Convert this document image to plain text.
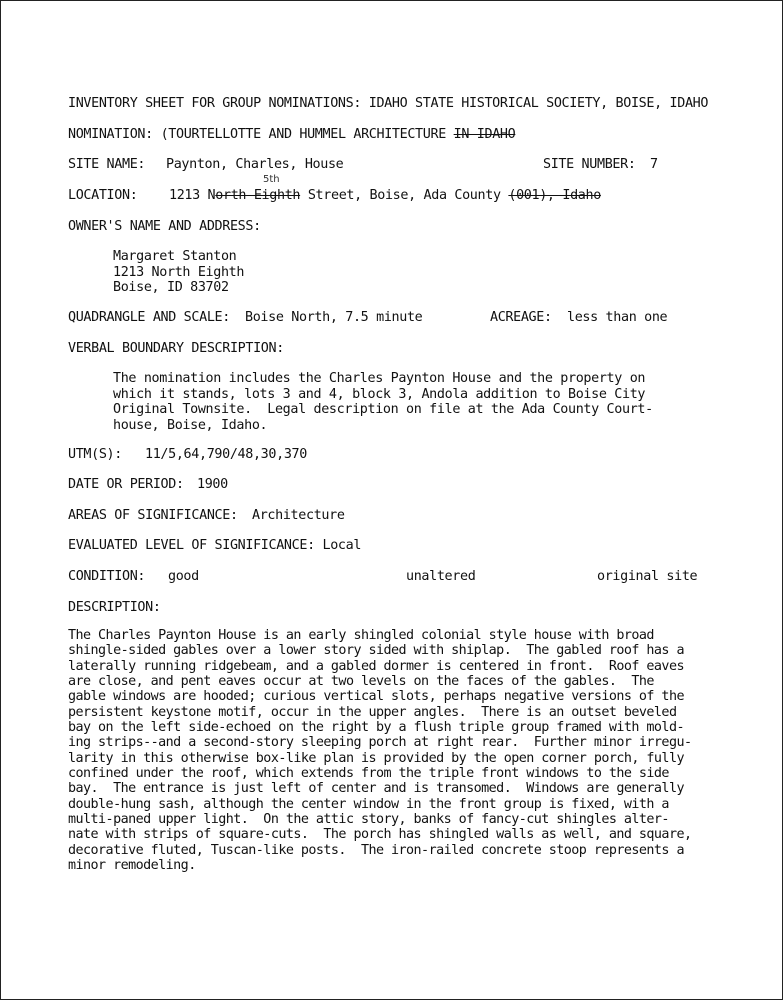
INVENTORY SHEET FOR GROUP NOMINATIONS: IDAHO STATE HISTORICAL SOCIETY, BOISE, IDAHO
NOMINATION: (TOURTELLOTTE AND HUMMEL ARCHITECTURE IN IDAHO
SITE NAME: Paynton, Charles, House	SITE NUMBER: 7
5th
LOCATION: 1213 North Eighth Street, Boise, Ada County (001), Idaho
OWNER'S NAME AND ADDRESS:
Margaret Stanton
1213 North Eighth
Boise, ID 83702
QUADRANGLE AND SCALE: Boise North, 7.5 minute	ACREAGE: less than one
VERBAL BOUNDARY DESCRIPTION:
The nomination includes the Charles Paynton House and the property on
which it stands, lots 3 and 4, block 3, Andola addition to Boise City
Original Townsite.  Legal description on file at the Ada County Court-
house, Boise, Idaho.
UTM(S): 11/5,64,790/48,30,370
DATE OR PERIOD: 1900
AREAS OF SIGNIFICANCE: Architecture
EVALUATED LEVEL OF SIGNIFICANCE: Local
CONDITION: good	unaltered	original site
DESCRIPTION:
The Charles Paynton House is an early shingled colonial style house with broad
shingle-sided gables over a lower story sided with shiplap.  The gabled roof has a
laterally running ridgebeam, and a gabled dormer is centered in front.  Roof eaves
are close, and pent eaves occur at two levels on the faces of the gables.  The
gable windows are hooded; curious vertical slots, perhaps negative versions of the
persistent keystone motif, occur in the upper angles.  There is an outset beveled
bay on the left side-echoed on the right by a flush triple group framed with mold-
ing strips--and a second-story sleeping porch at right rear.  Further minor irregu-
larity in this otherwise box-like plan is provided by the open corner porch, fully
confined under the roof, which extends from the triple front windows to the side
bay.  The entrance is just left of center and is transomed.  Windows are generally
double-hung sash, although the center window in the front group is fixed, with a
multi-paned upper light.  On the attic story, banks of fancy-cut shingles alter-
nate with strips of square-cuts.  The porch has shingled walls as well, and square,
decorative fluted, Tuscan-like posts.  The iron-railed concrete stoop represents a
minor remodeling.
